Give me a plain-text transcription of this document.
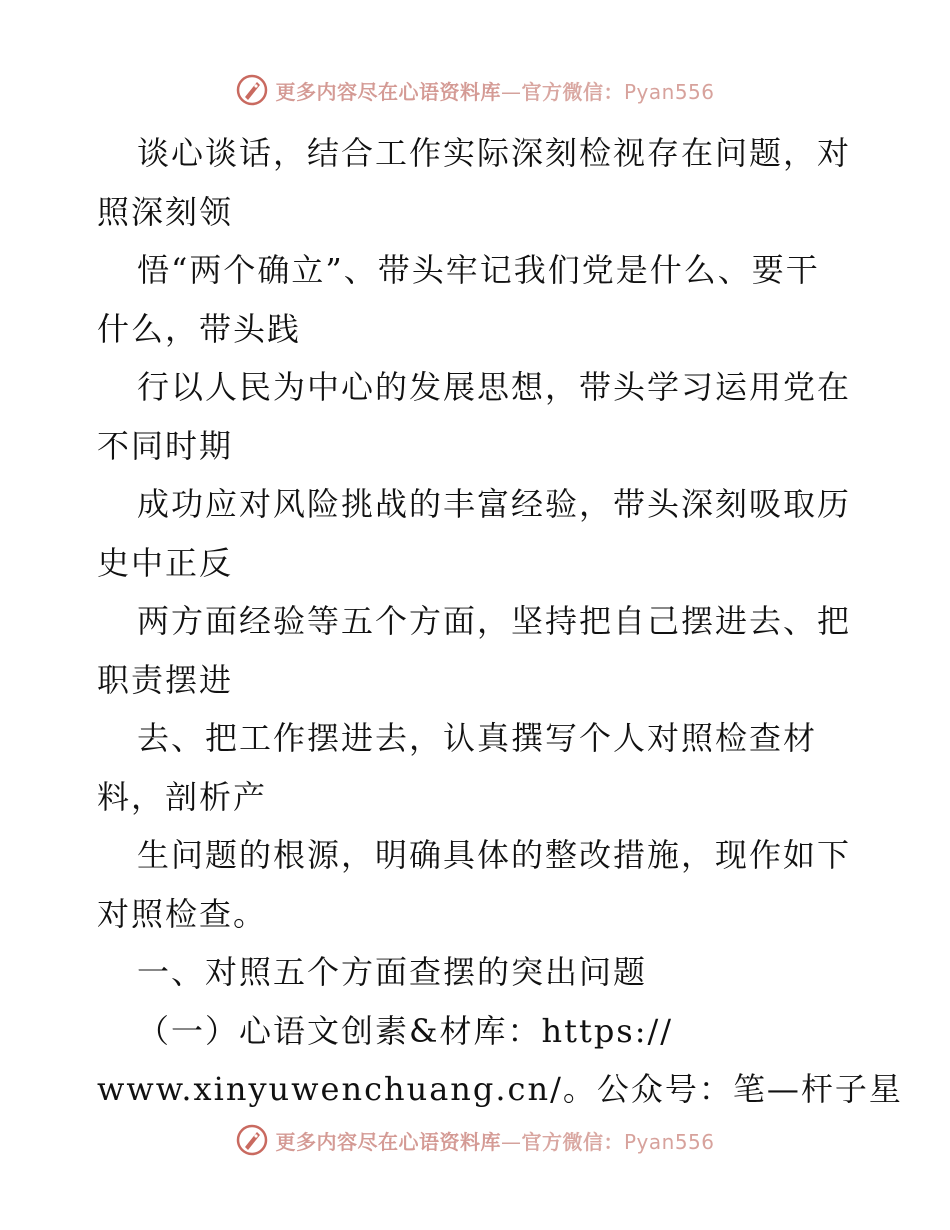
更多内容尽在心语资料库—官方微信：Pyan556
谈心谈话，结合工作实际深刻检视存在问题，对
照深刻领
悟“两个确立”、带头牢记我们党是什么、要干
什么，带头践
行以人民为中心的发展思想，带头学习运用党在
不同时期
成功应对风险挑战的丰富经验，带头深刻吸取历
史中正反
两方面经验等五个方面，坚持把自己摆进去、把
职责摆进
去、把工作摆进去，认真撰写个人对照检查材
料，剖析产
生问题的根源，明确具体的整改措施，现作如下
对照检查。
一、对照五个方面查摆的突出问题
（一）心语文创素&材库：https://
www.xinyuwenchuang.cn/。公众号：笔—杆子星
更多内容尽在心语资料库—官方微信：Pyan556
